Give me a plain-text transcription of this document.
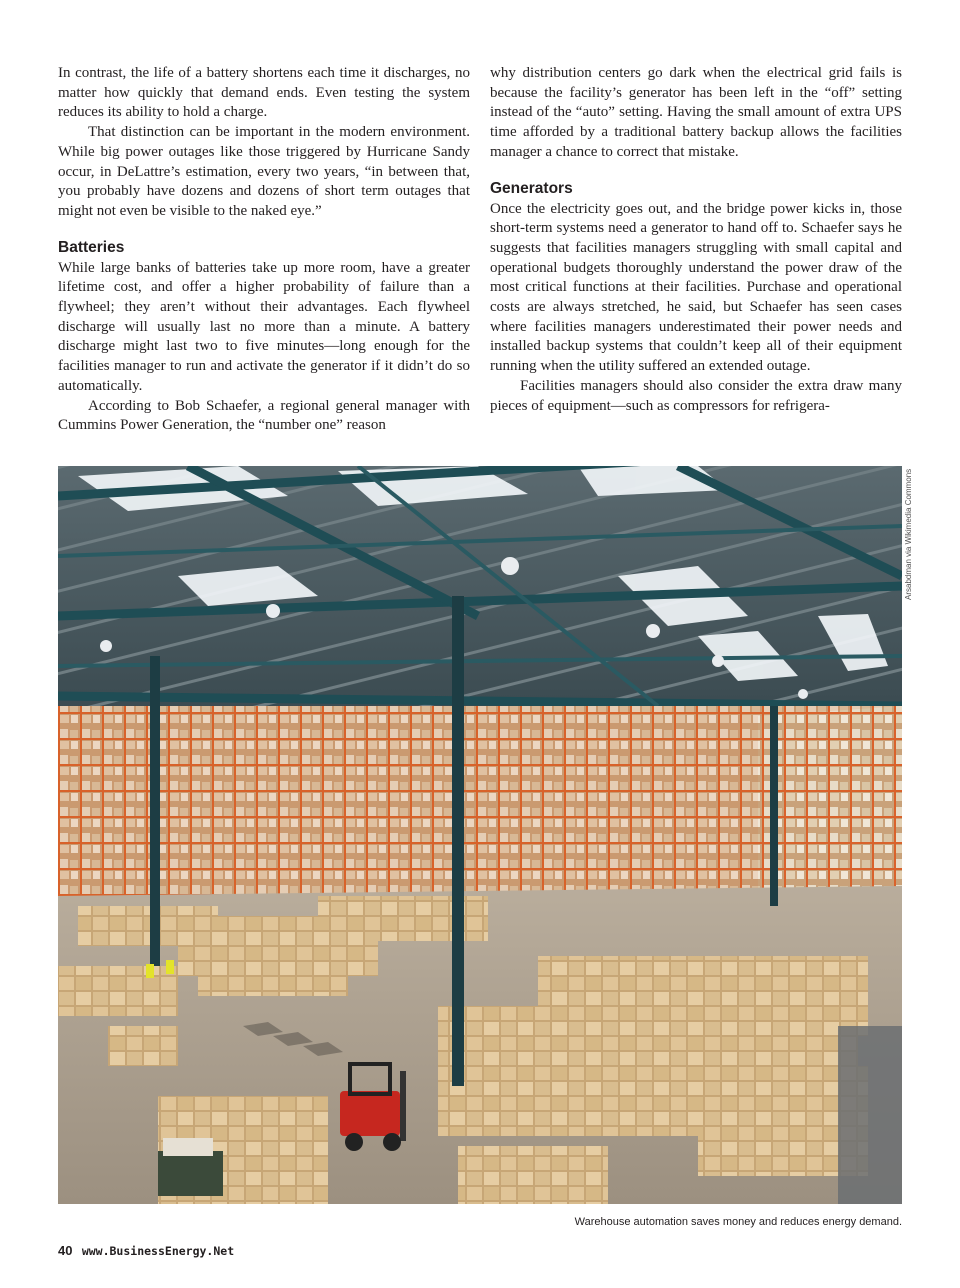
In contrast, the life of a battery shortens each time it discharges, no matter how quickly that demand ends. Even testing the system reduces its ability to hold a charge.

That distinction can be important in the modern environment. While big power outages like those triggered by Hurricane Sandy occur, in DeLattre’s estimation, every two years, “in between that, you probably have dozens and dozens of short term outages that might not even be visible to the naked eye.”

Batteries

While large banks of batteries take up more room, have a greater lifetime cost, and offer a higher probability of failure than a flywheel; they aren’t without their advantages. Each flywheel discharge will usually last no more than a minute. A battery discharge might last two to five minutes—long enough for the facilities manager to run and activate the generator if it didn’t do so automatically.

According to Bob Schaefer, a regional general manager with Cummins Power Generation, the “number one” reason

why distribution centers go dark when the electrical grid fails is because the facility’s generator has been left in the “off” setting instead of the “auto” setting. Having the small amount of extra UPS time afforded by a traditional battery backup allows the facilities manager a chance to correct that mistake.

Generators

Once the electricity goes out, and the bridge power kicks in, those short-term systems need a generator to hand off to. Schaefer says he suggests that facilities managers struggling with small capital and operational budgets thoroughly understand the power draw of the most critical functions at their facilities. Purchase and operational costs are always stretched, he said, but Schaefer has seen cases where facilities managers underestimated their power needs and installed backup systems that couldn’t keep all of their equipment running when the utility suffered an extended outage.

Facilities managers should also consider the extra draw many pieces of equipment—such as compressors for refrigera-

Arsabdman via Wikimedia Commons
Warehouse automation saves money and reduces energy demand.
40 www.BusinessEnergy.Net
